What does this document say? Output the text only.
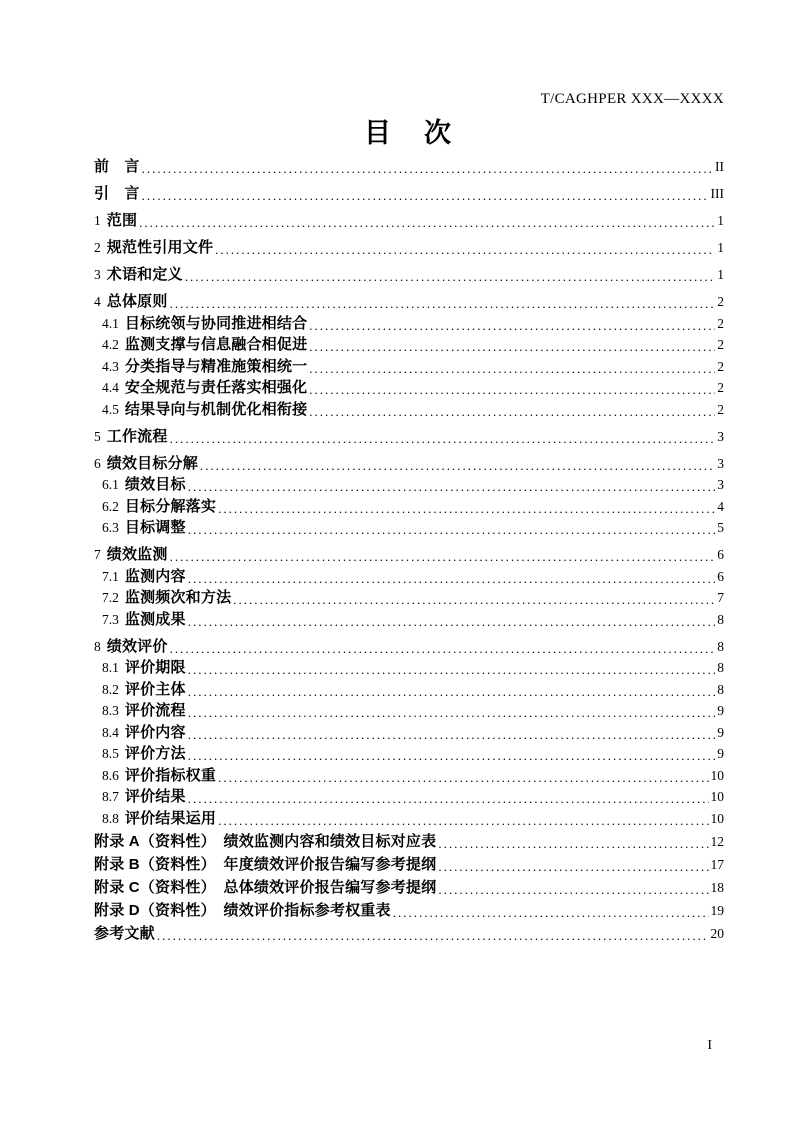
T/CAGHPER XXX—XXXX
目　次
前　言 .....	II
引　言 .....	III
1 范围 .....	1
2 规范性引用文件 .....	1
3 术语和定义 .....	1
4 总体原则 .....	2
4.1 目标统领与协同推进相结合 .....	2
4.2 监测支撑与信息融合相促进 .....	2
4.3 分类指导与精准施策相统一 .....	2
4.4 安全规范与责任落实相强化 .....	2
4.5 结果导向与机制优化相衔接 .....	2
5 工作流程 .....	3
6 绩效目标分解 .....	3
6.1 绩效目标 .....	3
6.2 目标分解落实 .....	4
6.3 目标调整 .....	5
7 绩效监测 .....	6
7.1 监测内容 .....	6
7.2 监测频次和方法 .....	7
7.3 监测成果 .....	8
8 绩效评价 .....	8
8.1 评价期限 .....	8
8.2 评价主体 .....	8
8.3 评价流程 .....	9
8.4 评价内容 .....	9
8.5 评价方法 .....	9
8.6 评价指标权重 .....	10
8.7 评价结果 .....	10
8.8 评价结果运用 .....	10
附录 A（资料性）　绩效监测内容和绩效目标对应表 .....	12
附录 B（资料性）　年度绩效评价报告编写参考提纲 .....	17
附录 C（资料性）　总体绩效评价报告编写参考提纲 .....	18
附录 D（资料性）　绩效评价指标参考权重表 .....	19
参考文献 .....	20
I
